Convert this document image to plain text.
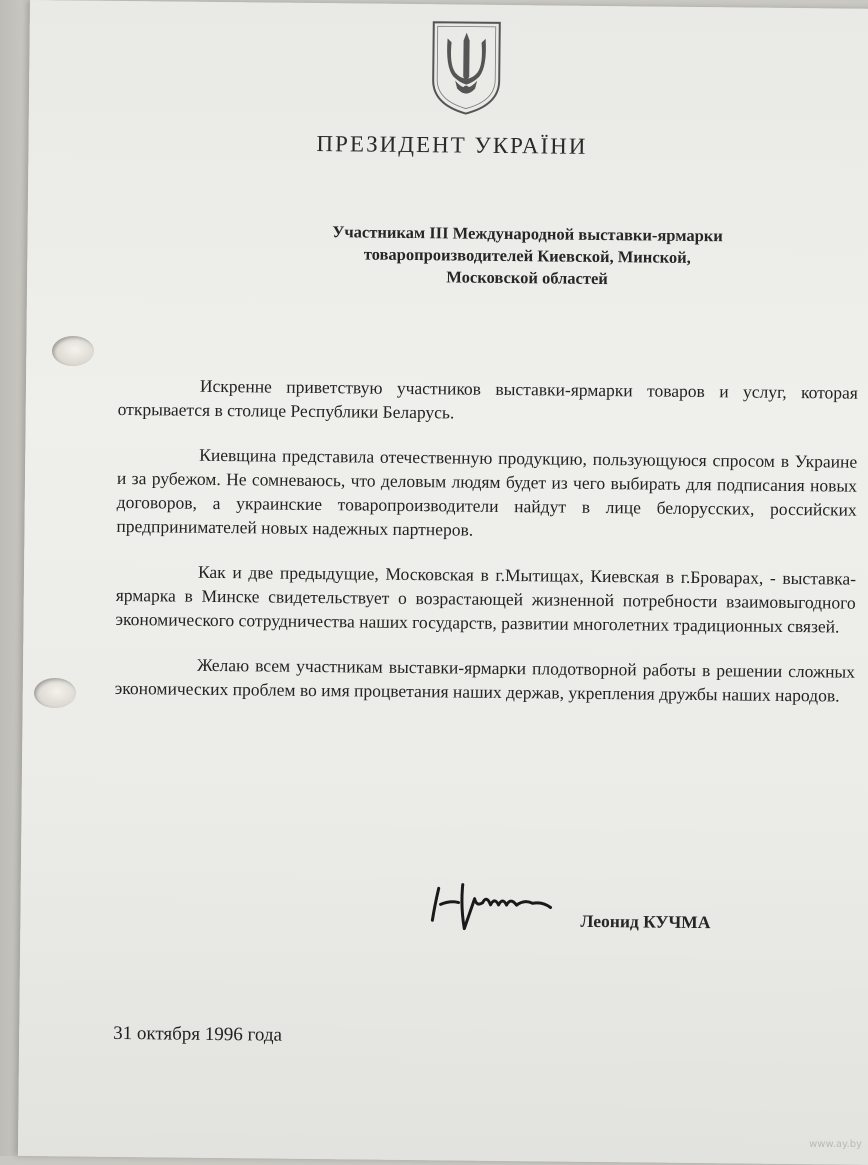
ПРЕЗИДЕНТ УКРАЇНИ
Участникам III Международной выставки-ярмарки
товаропроизводителей Киевской, Минской,
Московской областей

Искренне приветствую участников выставки-ярмарки товаров и услуг, которая открывается в столице Республики Беларусь.

Киевщина представила отечественную продукцию, пользующуюся спросом в Украине и за рубежом. Не сомневаюсь, что деловым людям будет из чего выбирать для подписания новых договоров, а украинские товаропроизводители найдут в лице белорусских, российских предпринимателей новых надежных партнеров.

Как и две предыдущие, Московская в г.Мытищах, Киевская в г.Броварах, - выставка-ярмарка в Минске свидетельствует о возрастающей жизненной потребности взаимовыгодного экономического сотрудничества наших государств, развитии многолетних традиционных связей.

Желаю всем участникам выставки-ярмарки плодотворной работы в решении сложных экономических проблем во имя процветания наших держав, укрепления дружбы наших народов.

Леонид КУЧМА
31 октября 1996 года
www.ay.by
